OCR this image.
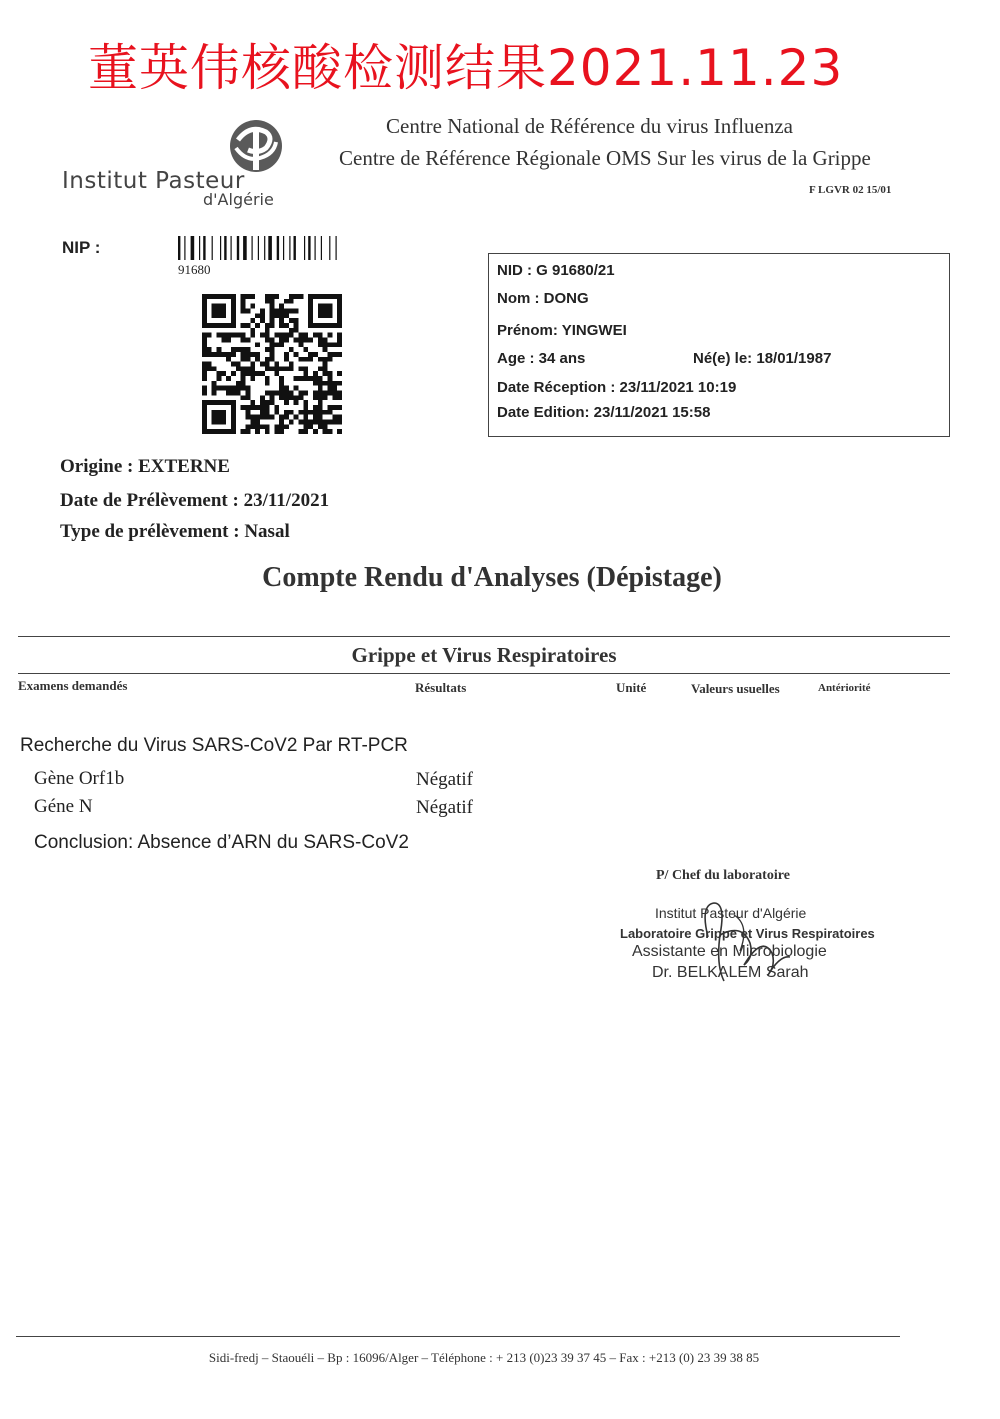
董英伟核酸检测结果2021.11.23
Institut Pasteur
d'Algérie
Centre National de Référence du virus Influenza
Centre de Référence Régionale OMS Sur les virus de la Grippe
F LGVR 02 15/01
NIP :
91680	NID : G 91680/21
Nom : DONG
Prénom: YINGWEI
Age : 34 ans	Né(e) le: 18/01/1987
Date Réception : 23/11/2021 10:19
Date Edition: 23/11/2021 15:58
Origine : EXTERNE
Date de Prélèvement : 23/11/2021
Type de prélèvement : Nasal
Compte Rendu d'Analyses (Dépistage)
Grippe et Virus Respiratoires
Examens demandés	Résultats	Unité	Valeurs usuelles	Antériorité
Recherche du Virus SARS-CoV2 Par RT-PCR
Gène Orf1b	Négatif
Géne N	Négatif
Conclusion: Absence d’ARN du SARS-CoV2
P/ Chef du laboratoire
Institut Pasteur d'Algérie
Laboratoire Grippe et Virus Respiratoires
Assistante en Microbiologie
Dr. BELKALEM Sarah
Sidi-fredj – Staouéli – Bp : 16096/Alger – Téléphone : + 213 (0)23 39 37 45 – Fax : +213 (0) 23 39 38 85
